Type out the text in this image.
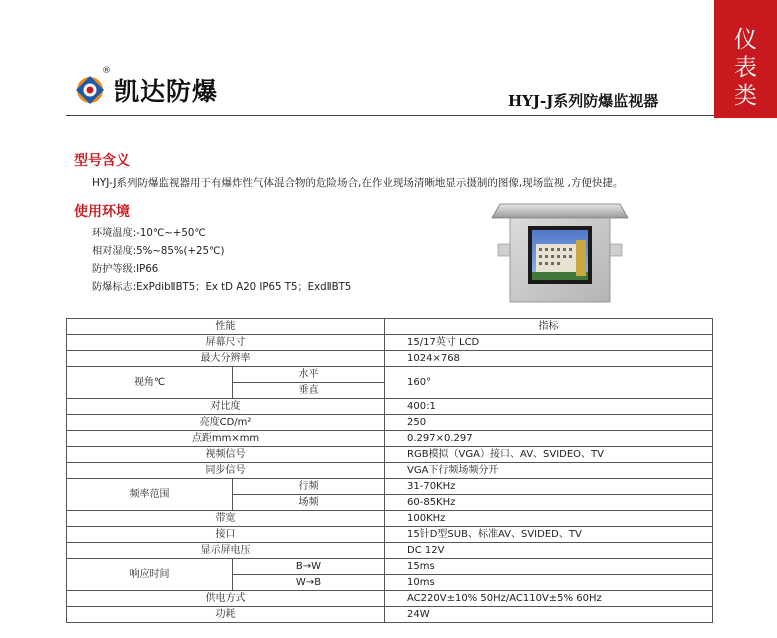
仪
表
类
®
凯达防爆	HYJ-J系列防爆监视器
型号含义
HYJ-J系列防爆监视器用于有爆炸性气体混合物的危险场合,在作业现场清晰地显示摄制的图像,现场监视 ,方便快捷。
使用环境
环境温度:-10℃~+50℃
相对湿度:5%~85%(+25℃)
防护等级:IP66
防爆标志:ExPdibⅡBT5；Ex tD A20 IP65 T5；ExdⅡBT5
性能		指标
屏幕尺寸		15/17英寸 LCD
最大分辨率		1024×768
视角℃	水平	160°
	垂直	
对比度		400:1
亮度CD/m²		250
点距mm×mm		0.297×0.297
视频信号		RGB模拟（VGA）接口、AV、SVIDEO、TV
同步信号		VGA下行频场频分开
频率范围	行频	31-70KHz
	场频	60-85KHz
带宽		100KHz
接口		15针D型SUB、标准AV、SVIDED、TV
显示屏电压		DC 12V
响应时间	B→W	15ms
	W→B	10ms
供电方式		AC220V±10% 50Hz/AC110V±5% 60Hz
功耗		24W
